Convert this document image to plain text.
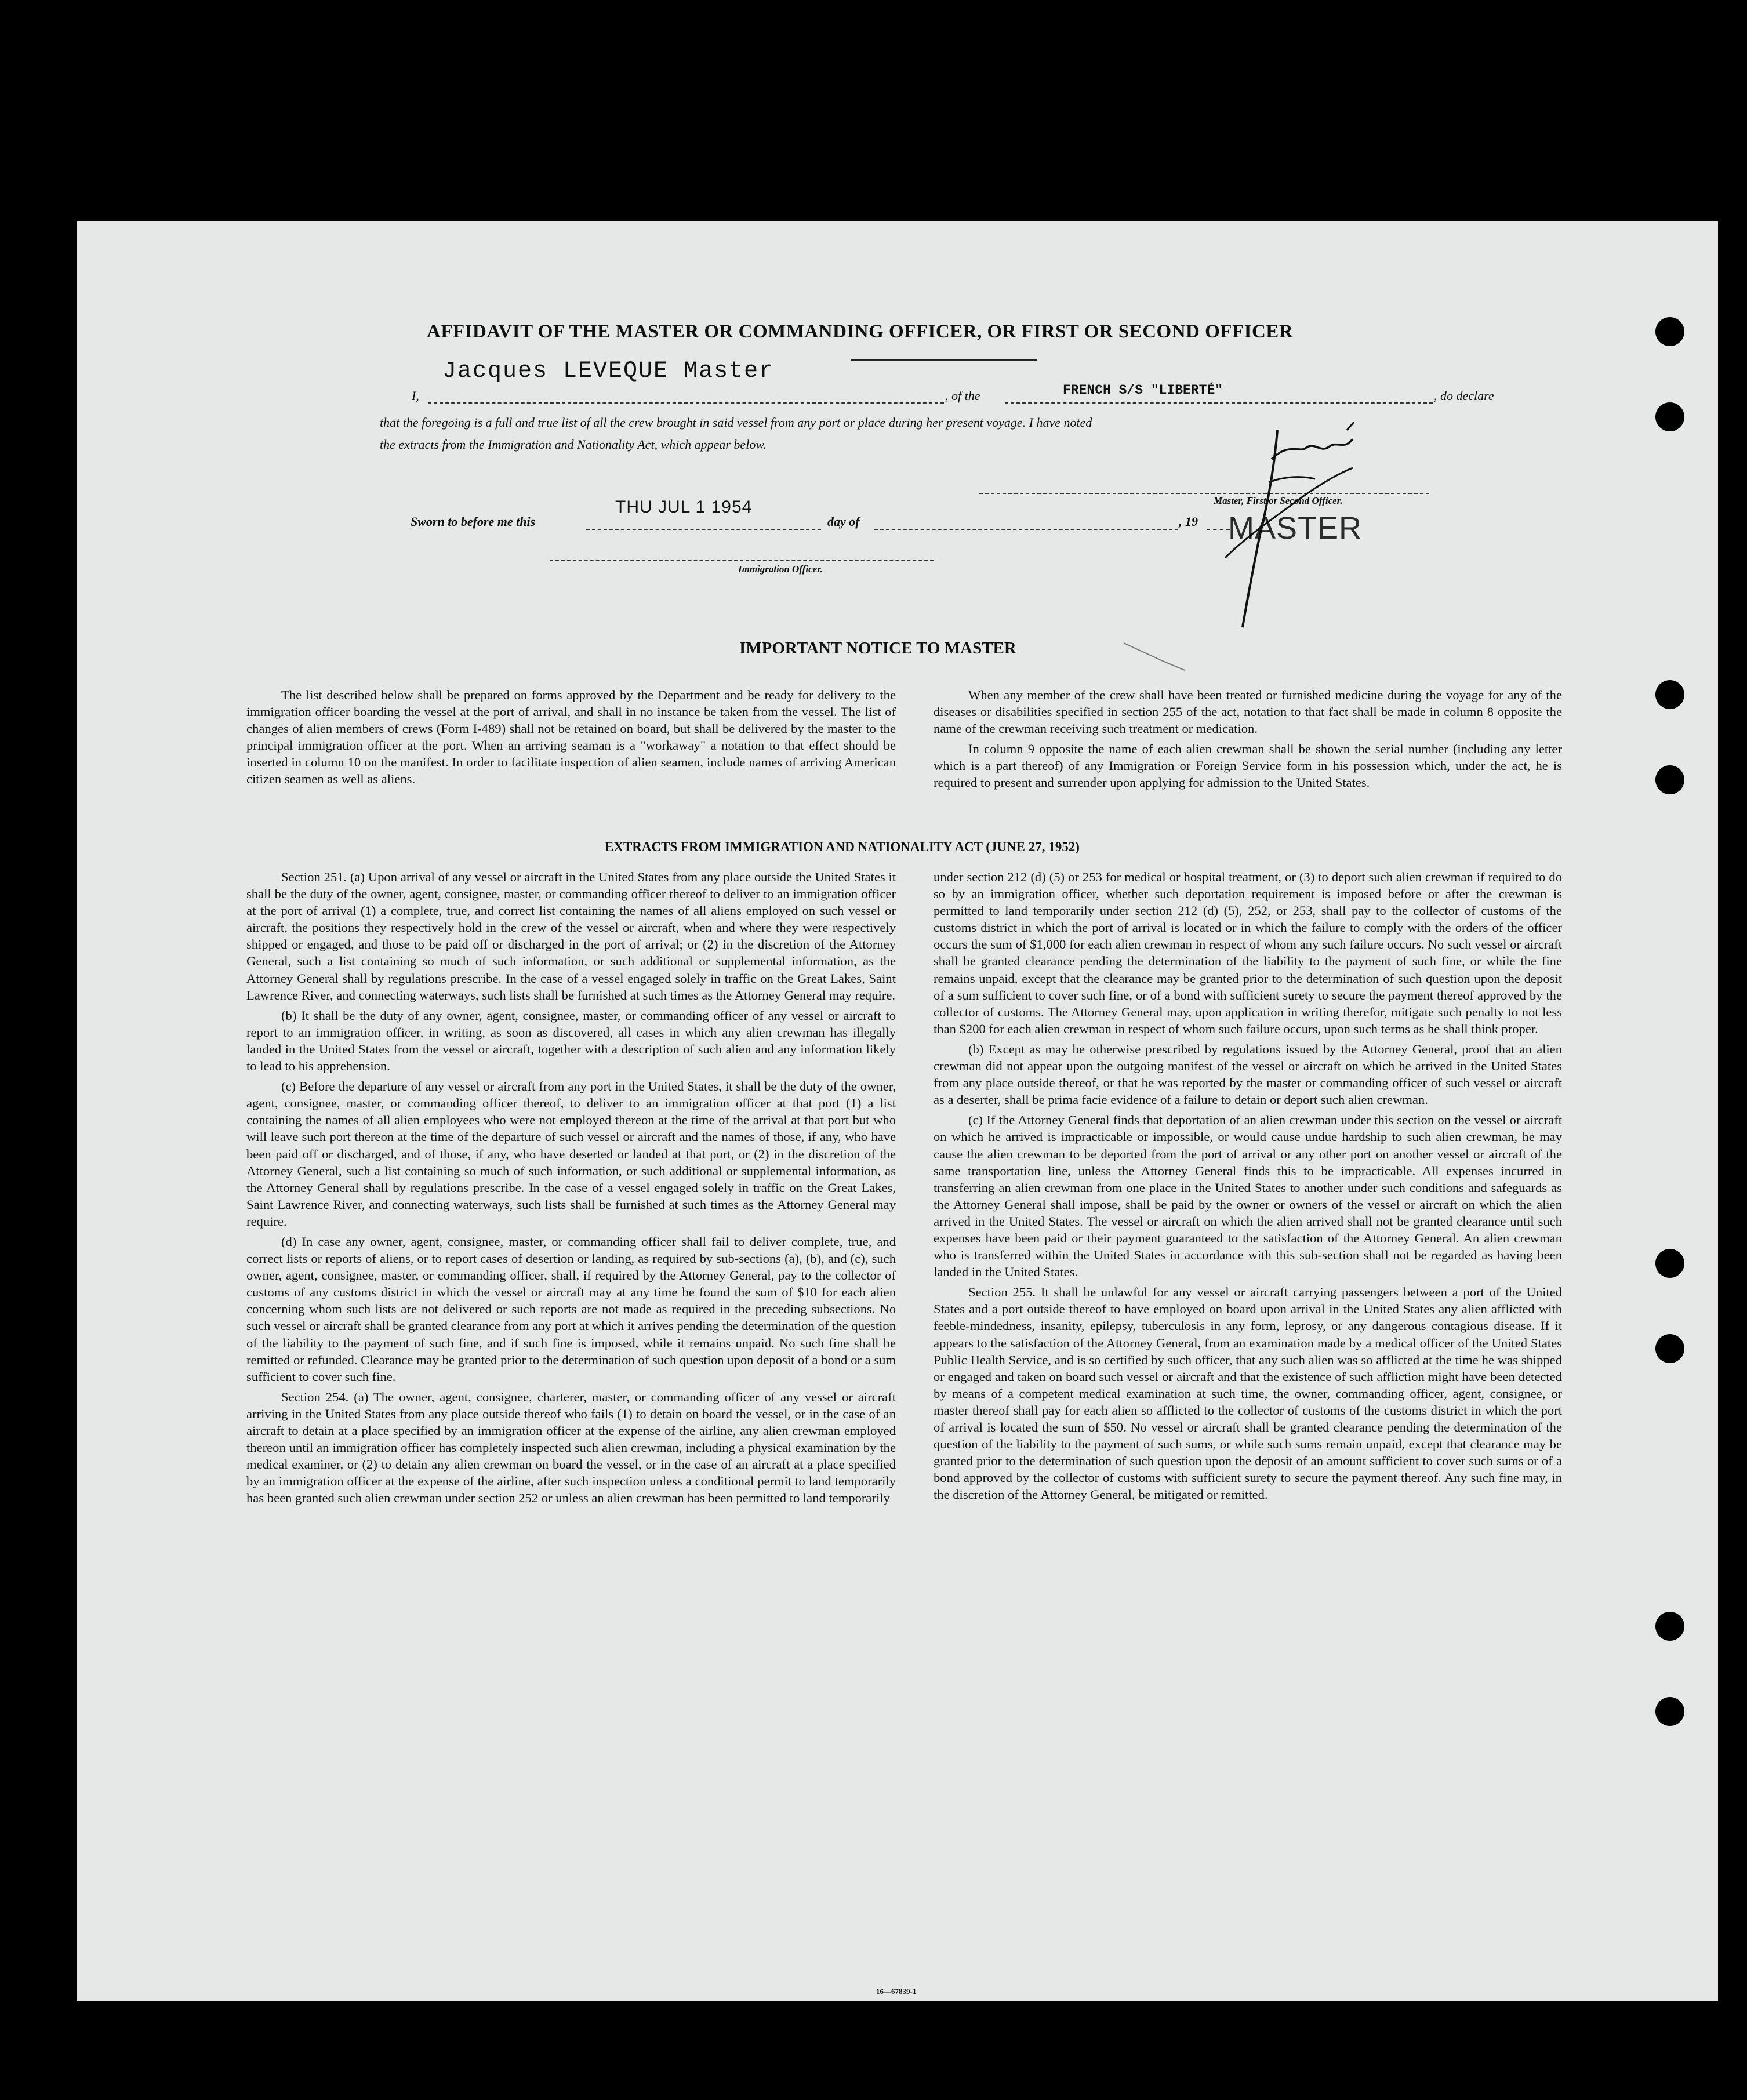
AFFIDAVIT OF THE MASTER OR COMMANDING OFFICER, OR FIRST OR SECOND OFFICER
Jacques LEVEQUE Master
I,	, of the	FRENCH S/S "LIBERTÉ"	, do declare
that the foregoing is a full and true list of all the crew brought in said vessel from any port or place during her present voyage. I have noted
the extracts from the Immigration and Nationality Act, which appear below.
Master, First or Second Officer.
Sworn to before me this
THU JUL 1 1954
day of	, 19 MASTER
Immigration Officer.
IMPORTANT NOTICE TO MASTER

The list described below shall be prepared on forms approved by the Department and be ready for delivery to the immigration officer boarding the vessel at the port of arrival, and shall in no instance be taken from the vessel. The list of changes of alien members of crews (Form I-489) shall not be retained on board, but shall be delivered by the master to the principal immigration officer at the port. When an arriving seaman is a "workaway" a notation to that effect should be inserted in column 10 on the manifest. In order to facilitate inspection of alien seamen, include names of arriving American citizen seamen as well as aliens.

When any member of the crew shall have been treated or furnished medicine during the voyage for any of the diseases or disabilities specified in section 255 of the act, notation to that fact shall be made in column 8 opposite the name of the crewman receiving such treatment or medication.

In column 9 opposite the name of each alien crewman shall be shown the serial number (including any letter which is a part thereof) of any Immigration or Foreign Service form in his possession which, under the act, he is required to present and surrender upon applying for admission to the United States.

EXTRACTS FROM IMMIGRATION AND NATIONALITY ACT (JUNE 27, 1952)

Section 251. (a) Upon arrival of any vessel or aircraft in the United States from any place outside the United States it shall be the duty of the owner, agent, consignee, master, or commanding officer thereof to deliver to an immigration officer at the port of arrival (1) a complete, true, and correct list containing the names of all aliens employed on such vessel or aircraft, the positions they respectively hold in the crew of the vessel or aircraft, when and where they were respectively shipped or engaged, and those to be paid off or discharged in the port of arrival; or (2) in the discretion of the Attorney General, such a list containing so much of such information, or such additional or supplemental information, as the Attorney General shall by regulations prescribe. In the case of a vessel engaged solely in traffic on the Great Lakes, Saint Lawrence River, and connecting waterways, such lists shall be furnished at such times as the Attorney General may require.

(b) It shall be the duty of any owner, agent, consignee, master, or commanding officer of any vessel or aircraft to report to an immigration officer, in writing, as soon as discovered, all cases in which any alien crewman has illegally landed in the United States from the vessel or aircraft, together with a description of such alien and any information likely to lead to his apprehension.

(c) Before the departure of any vessel or aircraft from any port in the United States, it shall be the duty of the owner, agent, consignee, master, or commanding officer thereof, to deliver to an immigration officer at that port (1) a list containing the names of all alien employees who were not employed thereon at the time of the arrival at that port but who will leave such port thereon at the time of the departure of such vessel or aircraft and the names of those, if any, who have been paid off or discharged, and of those, if any, who have deserted or landed at that port, or (2) in the discretion of the Attorney General, such a list containing so much of such information, or such additional or supplemental information, as the Attorney General shall by regulations prescribe. In the case of a vessel engaged solely in traffic on the Great Lakes, Saint Lawrence River, and connecting waterways, such lists shall be furnished at such times as the Attorney General may require.

(d) In case any owner, agent, consignee, master, or commanding officer shall fail to deliver complete, true, and correct lists or reports of aliens, or to report cases of desertion or landing, as required by sub-sections (a), (b), and (c), such owner, agent, consignee, master, or commanding officer, shall, if required by the Attorney General, pay to the collector of customs of any customs district in which the vessel or aircraft may at any time be found the sum of $10 for each alien concerning whom such lists are not delivered or such reports are not made as required in the preceding subsections. No such vessel or aircraft shall be granted clearance from any port at which it arrives pending the determination of the question of the liability to the payment of such fine, and if such fine is imposed, while it remains unpaid. No such fine shall be remitted or refunded. Clearance may be granted prior to the determination of such question upon deposit of a bond or a sum sufficient to cover such fine.

Section 254. (a) The owner, agent, consignee, charterer, master, or commanding officer of any vessel or aircraft arriving in the United States from any place outside thereof who fails (1) to detain on board the vessel, or in the case of an aircraft to detain at a place specified by an immigration officer at the expense of the airline, any alien crewman employed thereon until an immigration officer has completely inspected such alien crewman, including a physical examination by the medical examiner, or (2) to detain any alien crewman on board the vessel, or in the case of an aircraft at a place specified by an immigration officer at the expense of the airline, after such inspection unless a conditional permit to land temporarily has been granted such alien crewman under section 252 or unless an alien crewman has been permitted to land temporarily

under section 212 (d) (5) or 253 for medical or hospital treatment, or (3) to deport such alien crewman if required to do so by an immigration officer, whether such deportation requirement is imposed before or after the crewman is permitted to land temporarily under section 212 (d) (5), 252, or 253, shall pay to the collector of customs of the customs district in which the port of arrival is located or in which the failure to comply with the orders of the officer occurs the sum of $1,000 for each alien crewman in respect of whom any such failure occurs. No such vessel or aircraft shall be granted clearance pending the determination of the liability to the payment of such fine, or while the fine remains unpaid, except that the clearance may be granted prior to the determination of such question upon the deposit of a sum sufficient to cover such fine, or of a bond with sufficient surety to secure the payment thereof approved by the collector of customs. The Attorney General may, upon application in writing therefor, mitigate such penalty to not less than $200 for each alien crewman in respect of whom such failure occurs, upon such terms as he shall think proper.

(b) Except as may be otherwise prescribed by regulations issued by the Attorney General, proof that an alien crewman did not appear upon the outgoing manifest of the vessel or aircraft on which he arrived in the United States from any place outside thereof, or that he was reported by the master or commanding officer of such vessel or aircraft as a deserter, shall be prima facie evidence of a failure to detain or deport such alien crewman.

(c) If the Attorney General finds that deportation of an alien crewman under this section on the vessel or aircraft on which he arrived is impracticable or impossible, or would cause undue hardship to such alien crewman, he may cause the alien crewman to be deported from the port of arrival or any other port on another vessel or aircraft of the same transportation line, unless the Attorney General finds this to be impracticable. All expenses incurred in transferring an alien crewman from one place in the United States to another under such conditions and safeguards as the Attorney General shall impose, shall be paid by the owner or owners of the vessel or aircraft on which the alien arrived in the United States. The vessel or aircraft on which the alien arrived shall not be granted clearance until such expenses have been paid or their payment guaranteed to the satisfaction of the Attorney General. An alien crewman who is transferred within the United States in accordance with this sub-section shall not be regarded as having been landed in the United States.

Section 255. It shall be unlawful for any vessel or aircraft carrying passengers between a port of the United States and a port outside thereof to have employed on board upon arrival in the United States any alien afflicted with feeble-mindedness, insanity, epilepsy, tuberculosis in any form, leprosy, or any dangerous contagious disease. If it appears to the satisfaction of the Attorney General, from an examination made by a medical officer of the United States Public Health Service, and is so certified by such officer, that any such alien was so afflicted at the time he was shipped or engaged and taken on board such vessel or aircraft and that the existence of such affliction might have been detected by means of a competent medical examination at such time, the owner, commanding officer, agent, consignee, or master thereof shall pay for each alien so afflicted to the collector of customs of the customs district in which the port of arrival is located the sum of $50. No vessel or aircraft shall be granted clearance pending the determination of the question of the liability to the payment of such sums, or while such sums remain unpaid, except that clearance may be granted prior to the determination of such question upon the deposit of an amount sufficient to cover such sums or of a bond approved by the collector of customs with sufficient surety to secure the payment thereof. Any such fine may, in the discretion of the Attorney General, be mitigated or remitted.

16—67839-1
